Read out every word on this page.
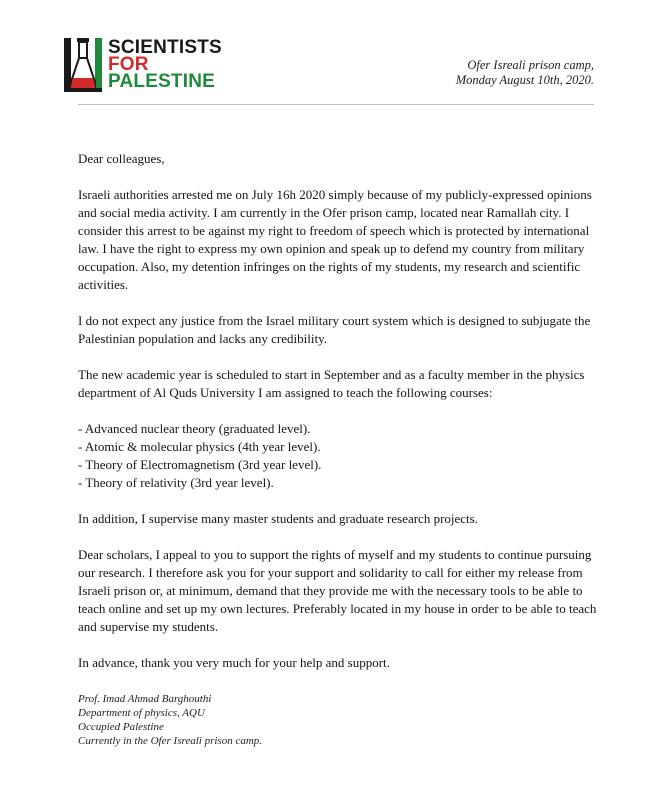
SCIENTISTS
FOR
PALESTINE
Ofer Isreali prison camp,
Monday August 10th, 2020.

Dear colleagues,

Israeli authorities arrested me on July 16h 2020 simply because of my publicly-expressed opinions and social media activity. I am currently in the Ofer prison camp, located near Ramallah city. I consider this arrest to be against my right to freedom of speech which is protected by international law. I have the right to express my own opinion and speak up to defend my country from military occupation. Also, my detention infringes on the rights of my students, my research and scientific activities.

I do not expect any justice from the Israel military court system which is designed to subjugate the Palestinian population and lacks any credibility.

The new academic year is scheduled to start in September and as a faculty member in the physics department of Al Quds University I am assigned to teach the following courses:

- Advanced nuclear theory (graduated level).
- Atomic & molecular physics (4th year level).
- Theory of Electromagnetism (3rd year level).
- Theory of relativity (3rd year level).

In addition, I supervise many master students and graduate research projects.

Dear scholars, I appeal to you to support the rights of myself and my students to continue pursuing our research. I therefore ask you for your support and solidarity to call for either my release from Israeli prison or, at minimum, demand that they provide me with the necessary tools to be able to teach online and set up my own lectures. Preferably located in my house in order to be able to teach and supervise my students.

In advance, thank you very much for your help and support.

Prof. Imad Ahmad Barghouthi
Department of physics, AQU
Occupied Palestine
Currently in the Ofer Isreali prison camp.
